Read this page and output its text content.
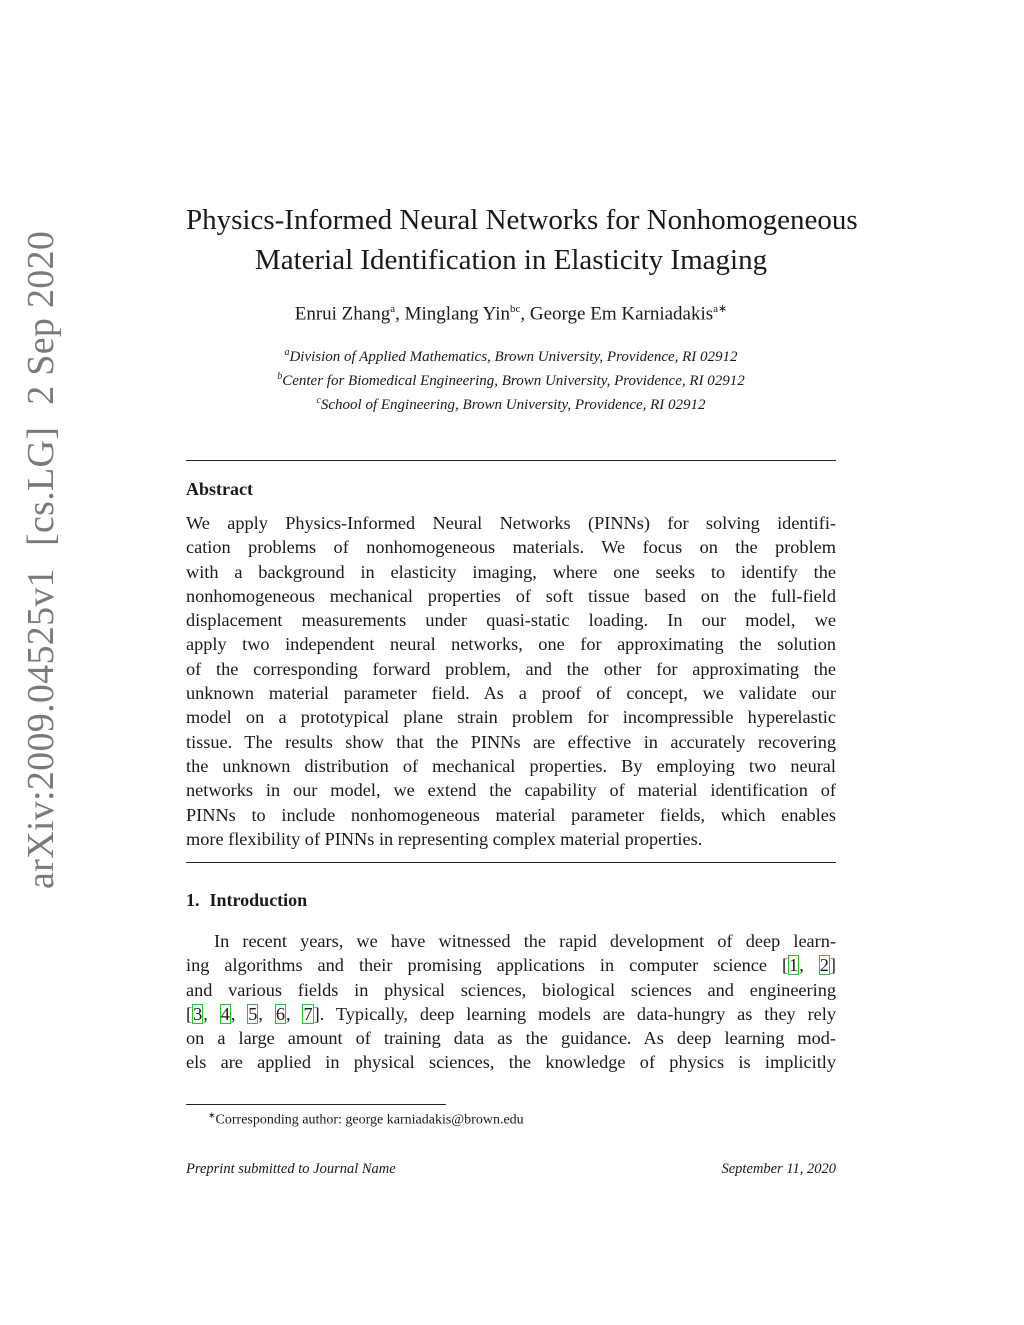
arXiv:2009.04525v1[cs.LG]2 Sep 2020
Physics-Informed Neural Networks for Nonhomogeneous
Material Identification in Elasticity Imaging
Enrui Zhang$^a$, Minglang Yin$^{bc}$, George Em Karniadakis$^{a∗}$
$^a$Division of Applied Mathematics, Brown University, Providence, RI 02912
$^b$Center for Biomedical Engineering, Brown University, Providence, RI 02912
$^c$School of Engineering, Brown University, Providence, RI 02912
Abstract
We apply Physics-Informed Neural Networks (PINNs) for solving identifi-
cation problems of nonhomogeneous materials. We focus on the problem
with a background in elasticity imaging, where one seeks to identify the
nonhomogeneous mechanical properties of soft tissue based on the full-field
displacement measurements under quasi-static loading. In our model, we
apply two independent neural networks, one for approximating the solution
of the corresponding forward problem, and the other for approximating the
unknown material parameter field. As a proof of concept, we validate our
model on a prototypical plane strain problem for incompressible hyperelastic
tissue. The results show that the PINNs are effective in accurately recovering
the unknown distribution of mechanical properties. By employing two neural
networks in our model, we extend the capability of material identification of
PINNs to include nonhomogeneous material parameter fields, which enables
more flexibility of PINNs in representing complex material properties.
1. Introduction
In recent years, we have witnessed the rapid development of deep learn-
ing algorithms and their promising applications in computer science [1, 2]
and various fields in physical sciences, biological sciences and engineering
[3, 4, 5, 6, 7]. Typically, deep learning models are data-hungry as they rely
on a large amount of training data as the guidance. As deep learning mod-
els are applied in physical sciences, the knowledge of physics is implicitly
∗Corresponding author: george karniadakis@brown.edu
Preprint submitted to Journal Name	September 11, 2020
